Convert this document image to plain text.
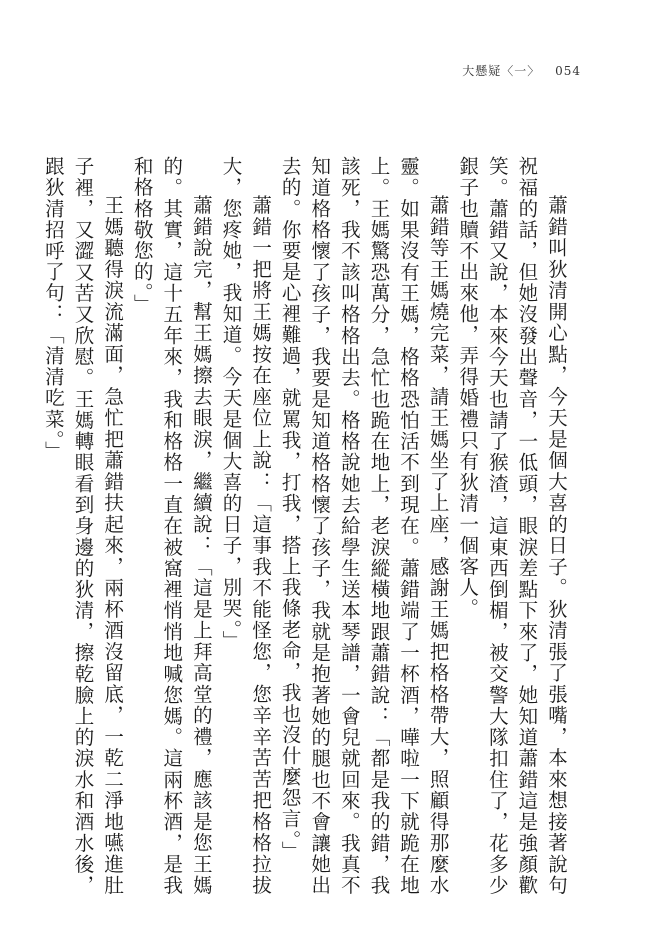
大懸疑〈一〉 054

蕭錯叫狄清開心點，今天是個大喜的日子。狄清張了張嘴，本來想接著說句祝福的話，但她沒發出聲音，一低頭，眼淚差點下來了，她知道蕭錯這是強顏歡笑。蕭錯又說，本來今天也請了猴渣，這東西倒楣，被交警大隊扣住了，花多少銀子也贖不出來他，弄得婚禮只有狄清一個客人。

蕭錯等王媽燒完菜，請王媽坐了上座，感謝王媽把格格帶大，照顧得那麼水靈。如果沒有王媽，格格恐怕活不到現在。蕭錯端了一杯酒，嘩啦一下就跪在地上。王媽驚恐萬分，急忙也跪在地上，老淚縱橫地跟蕭錯說：「都是我的錯，我該死，我不該叫格格出去。格格說她去給學生送本琴譜，一會兒就回來。我真不知道格格懷了孩子，我要是知道格格懷了孩子，我就是抱著她的腿也不會讓她出去的。你要是心裡難過，就罵我，打我，搭上我條老命，我也沒什麼怨言。」

蕭錯一把將王媽按在座位上說：「這事我不能怪您，您辛辛苦苦把格格拉拔大，您疼她，我知道。今天是個大喜的日子，別哭。」

蕭錯說完，幫王媽擦去眼淚，繼續說：「這是上拜高堂的禮，應該是您王媽的。其實，這十五年來，我和格格一直在被窩裡悄悄地喊您媽。這兩杯酒，是我和格格敬您的。」

王媽聽得淚流滿面，急忙把蕭錯扶起來，兩杯酒沒留底，一乾二淨地嚥進肚子裡，又澀又苦又欣慰。王媽轉眼看到身邊的狄清，擦乾臉上的淚水和酒水後，跟狄清招呼了句：「清清吃菜。」
